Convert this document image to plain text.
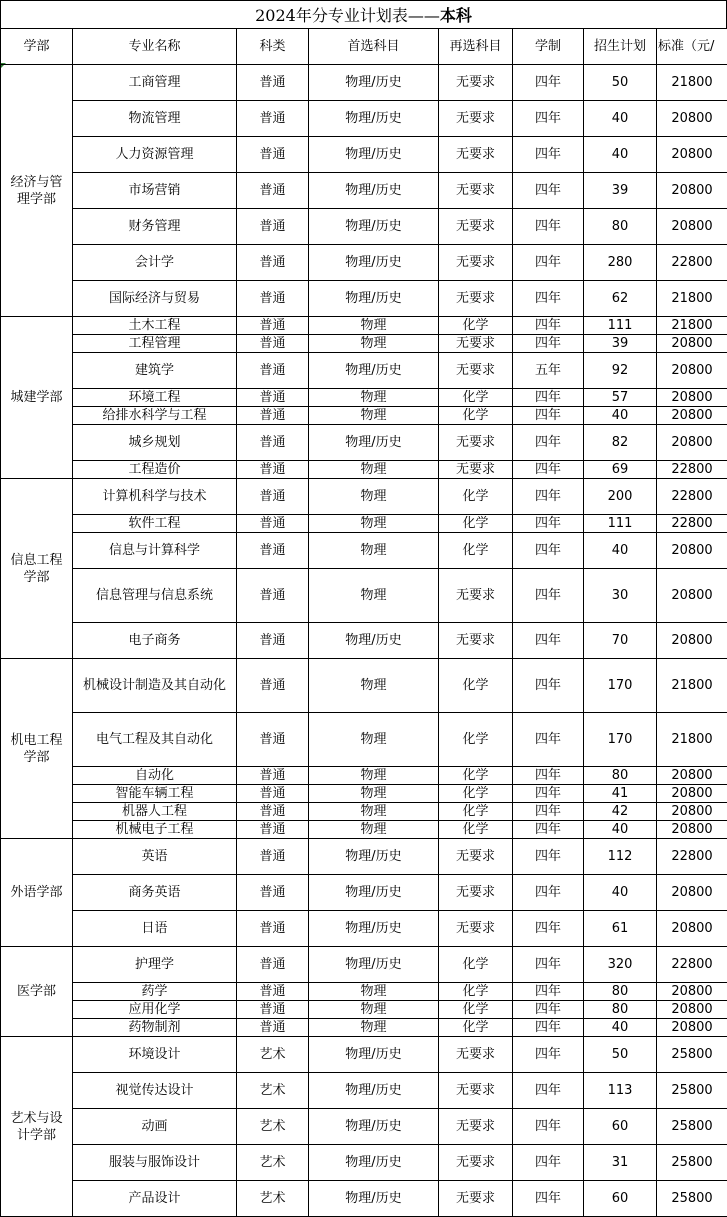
2024年分专业计划表——本科
学部	专业名称	科类	首选科目	再选科目	学制	招生计划	标准（元/
经济与管理学部	工商管理	普通	物理/历史	无要求	四年	50	21800
	物流管理	普通	物理/历史	无要求	四年	40	20800
	人力资源管理	普通	物理/历史	无要求	四年	40	20800
	市场营销	普通	物理/历史	无要求	四年	39	20800
	财务管理	普通	物理/历史	无要求	四年	80	20800
	会计学	普通	物理/历史	无要求	四年	280	22800
	国际经济与贸易	普通	物理/历史	无要求	四年	62	21800
城建学部	土木工程	普通	物理	化学	四年	111	21800
	工程管理	普通	物理	无要求	四年	39	20800
	建筑学	普通	物理/历史	无要求	五年	92	20800
	环境工程	普通	物理	化学	四年	57	20800
	给排水科学与工程	普通	物理	化学	四年	40	20800
	城乡规划	普通	物理/历史	无要求	四年	82	20800
	工程造价	普通	物理	无要求	四年	69	22800
信息工程学部	计算机科学与技术	普通	物理	化学	四年	200	22800
	软件工程	普通	物理	化学	四年	111	22800
	信息与计算科学	普通	物理	化学	四年	40	20800
	信息管理与信息系统	普通	物理	无要求	四年	30	20800
	电子商务	普通	物理/历史	无要求	四年	70	20800
机电工程学部	机械设计制造及其自动化	普通	物理	化学	四年	170	21800
	电气工程及其自动化	普通	物理	化学	四年	170	21800
	自动化	普通	物理	化学	四年	80	20800
	智能车辆工程	普通	物理	化学	四年	41	20800
	机器人工程	普通	物理	化学	四年	42	20800
	机械电子工程	普通	物理	化学	四年	40	20800
外语学部	英语	普通	物理/历史	无要求	四年	112	22800
	商务英语	普通	物理/历史	无要求	四年	40	20800
	日语	普通	物理/历史	无要求	四年	61	20800
医学部	护理学	普通	物理/历史	化学	四年	320	22800
	药学	普通	物理	化学	四年	80	20800
	应用化学	普通	物理	化学	四年	80	20800
	药物制剂	普通	物理	化学	四年	40	20800
艺术与设计学部	环境设计	艺术	物理/历史	无要求	四年	50	25800
	视觉传达设计	艺术	物理/历史	无要求	四年	113	25800
	动画	艺术	物理/历史	无要求	四年	60	25800
	服装与服饰设计	艺术	物理/历史	无要求	四年	31	25800
	产品设计	艺术	物理/历史	无要求	四年	60	25800
